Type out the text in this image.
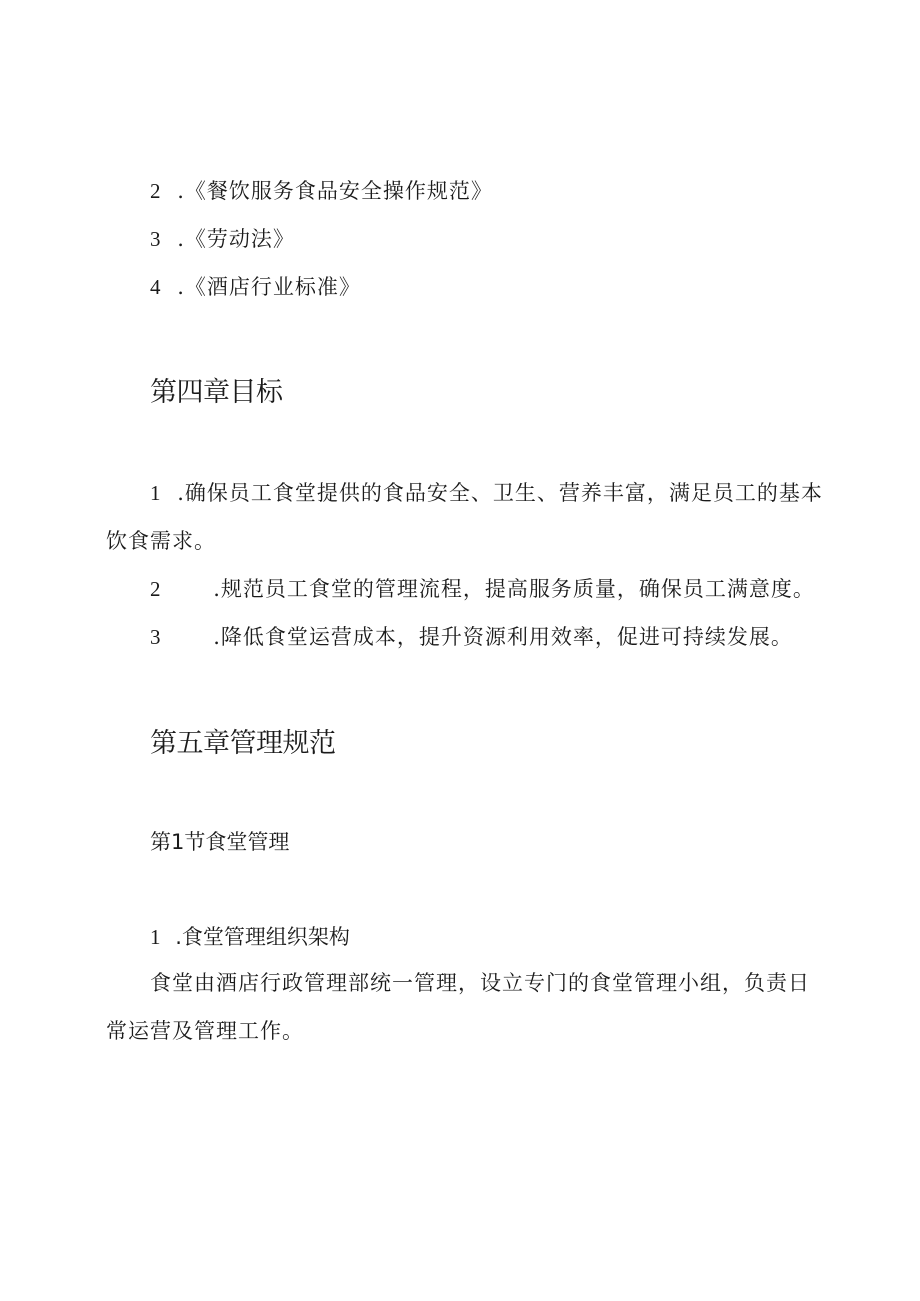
2 .《餐饮服务食品安全操作规范》
3 .《劳动法》
4 .《酒店行业标准》
第四章目标
1 .确保员工食堂提供的食品安全、卫生、营养丰富，满足员工的基本
饮食需求。
2 .规范员工食堂的管理流程，提高服务质量，确保员工满意度。
3 .降低食堂运营成本，提升资源利用效率，促进可持续发展。
第五章管理规范
第1节食堂管理
1 .食堂管理组织架构
食堂由酒店行政管理部统一管理，设立专门的食堂管理小组，负责日
常运营及管理工作。
